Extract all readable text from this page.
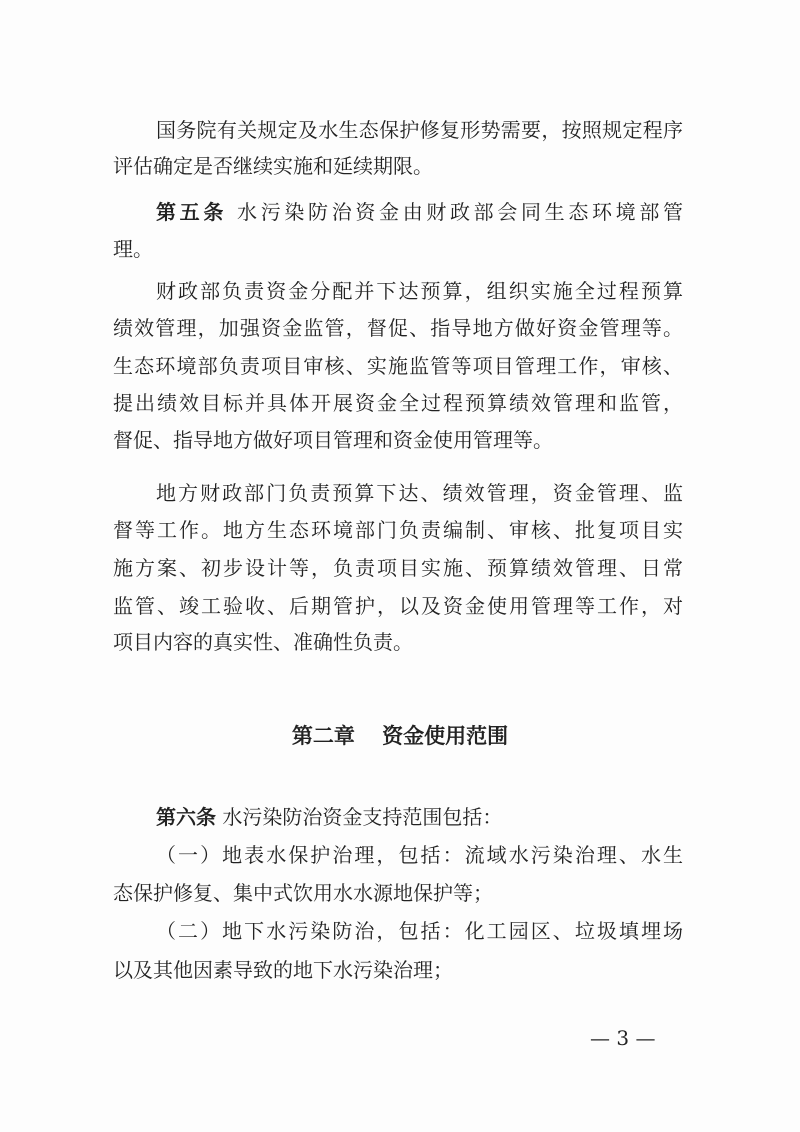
国务院有关规定及水生态保护修复形势需要，按照规定程序
评估确定是否继续实施和延续期限。
第五条 水污染防治资金由财政部会同生态环境部管
理。
财政部负责资金分配并下达预算，组织实施全过程预算
绩效管理，加强资金监管，督促、指导地方做好资金管理等。
生态环境部负责项目审核、实施监管等项目管理工作，审核、
提出绩效目标并具体开展资金全过程预算绩效管理和监管，
督促、指导地方做好项目管理和资金使用管理等。
地方财政部门负责预算下达、绩效管理，资金管理、监
督等工作。地方生态环境部门负责编制、审核、批复项目实
施方案、初步设计等，负责项目实施、预算绩效管理、日常
监管、竣工验收、后期管护，以及资金使用管理等工作，对
项目内容的真实性、准确性负责。
第二章 资金使用范围
第六条 水污染防治资金支持范围包括：
（一）地表水保护治理，包括：流域水污染治理、水生
态保护修复、集中式饮用水水源地保护等；
（二）地下水污染防治，包括：化工园区、垃圾填埋场
以及其他因素导致的地下水污染治理；
— 3 —
